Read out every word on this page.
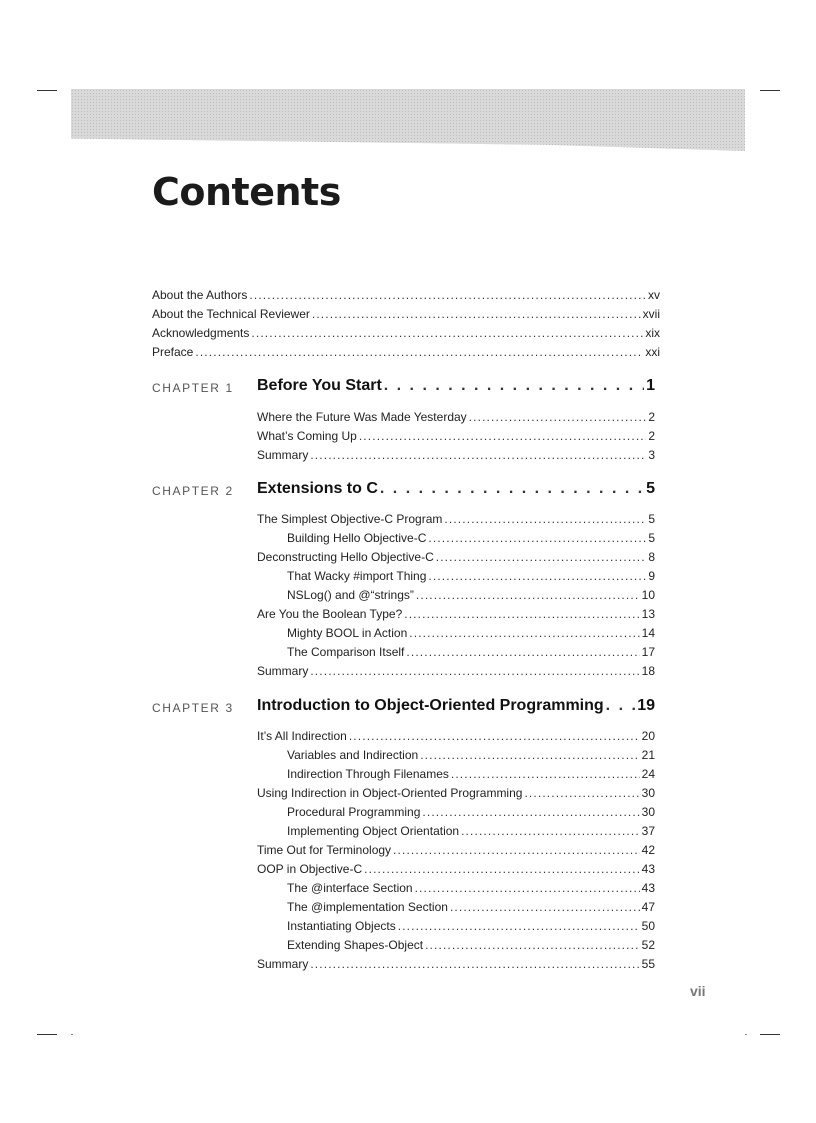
Contents
About the Authors . . .	xv
About the Technical Reviewer . . .	xvii
Acknowledgments . . .	xix
Preface . . .	xxi
CHAPTER 1 Before You Start . . .	1
Where the Future Was Made Yesterday . . .	2
What’s Coming Up . . .	2
Summary . . .	3
CHAPTER 2 Extensions to C . . .	5
The Simplest Objective-C Program . . .	5
Building Hello Objective-C . . .	5
Deconstructing Hello Objective-C . . .	8
That Wacky #import Thing . . .	9
NSLog() and @“strings” . . .	10
Are You the Boolean Type? . . .	13
Mighty BOOL in Action . . .	14
The Comparison Itself . . .	17
Summary . . .	18
CHAPTER 3 Introduction to Object-Oriented Programming . . . 19
It’s All Indirection . . .	20
Variables and Indirection . . .	21
Indirection Through Filenames . . .	24
Using Indirection in Object-Oriented Programming . . .	30
Procedural Programming . . .	30
Implementing Object Orientation . . .	37
Time Out for Terminology . . .	42
OOP in Objective-C . . .	43
The @interface Section . . .	43
The @implementation Section . . .	47
Instantiating Objects . . .	50
Extending Shapes-Object . . .	52
Summary . . .	55

vii
